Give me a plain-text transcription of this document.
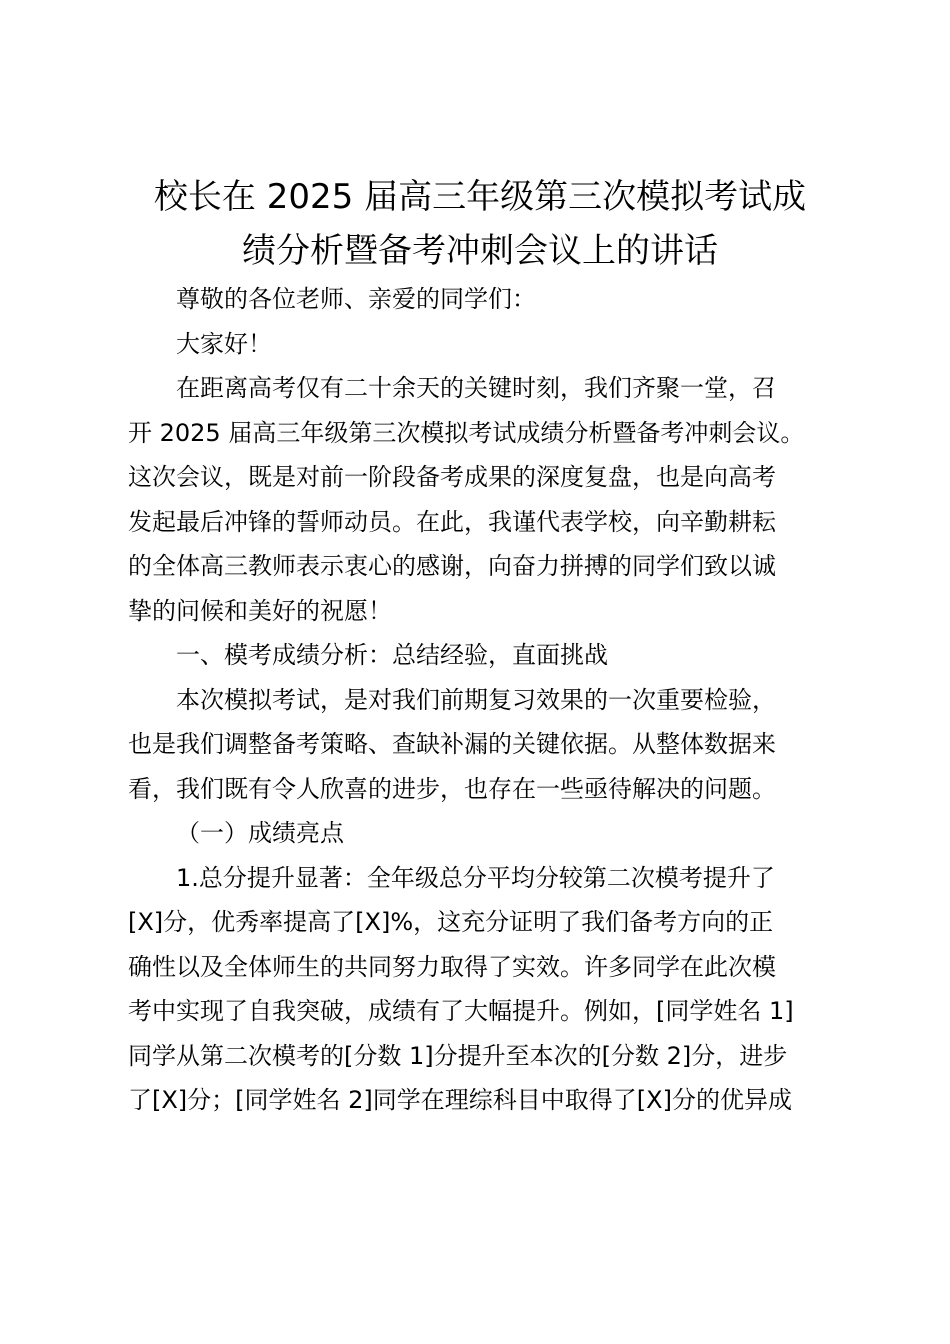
校长在 2025 届高三年级第三次模拟考试成
绩分析暨备考冲刺会议上的讲话

尊敬的各位老师、亲爱的同学们：

大家好！

在距离高考仅有二十余天的关键时刻，我们齐聚一堂，召
开 2025 届高三年级第三次模拟考试成绩分析暨备考冲刺会议。
这次会议，既是对前一阶段备考成果的深度复盘，也是向高考
发起最后冲锋的誓师动员。在此，我谨代表学校，向辛勤耕耘
的全体高三教师表示衷心的感谢，向奋力拼搏的同学们致以诚
挚的问候和美好的祝愿！

一、模考成绩分析：总结经验，直面挑战

本次模拟考试，是对我们前期复习效果的一次重要检验，
也是我们调整备考策略、查缺补漏的关键依据。从整体数据来
看，我们既有令人欣喜的进步，也存在一些亟待解决的问题。

（一）成绩亮点

1.总分提升显著：全年级总分平均分较第二次模考提升了
[X]分，优秀率提高了[X]%，这充分证明了我们备考方向的正
确性以及全体师生的共同努力取得了实效。许多同学在此次模
考中实现了自我突破，成绩有了大幅提升。例如，[同学姓名 1]
同学从第二次模考的[分数 1]分提升至本次的[分数 2]分，进步
了[X]分；[同学姓名 2]同学在理综科目中取得了[X]分的优异成
